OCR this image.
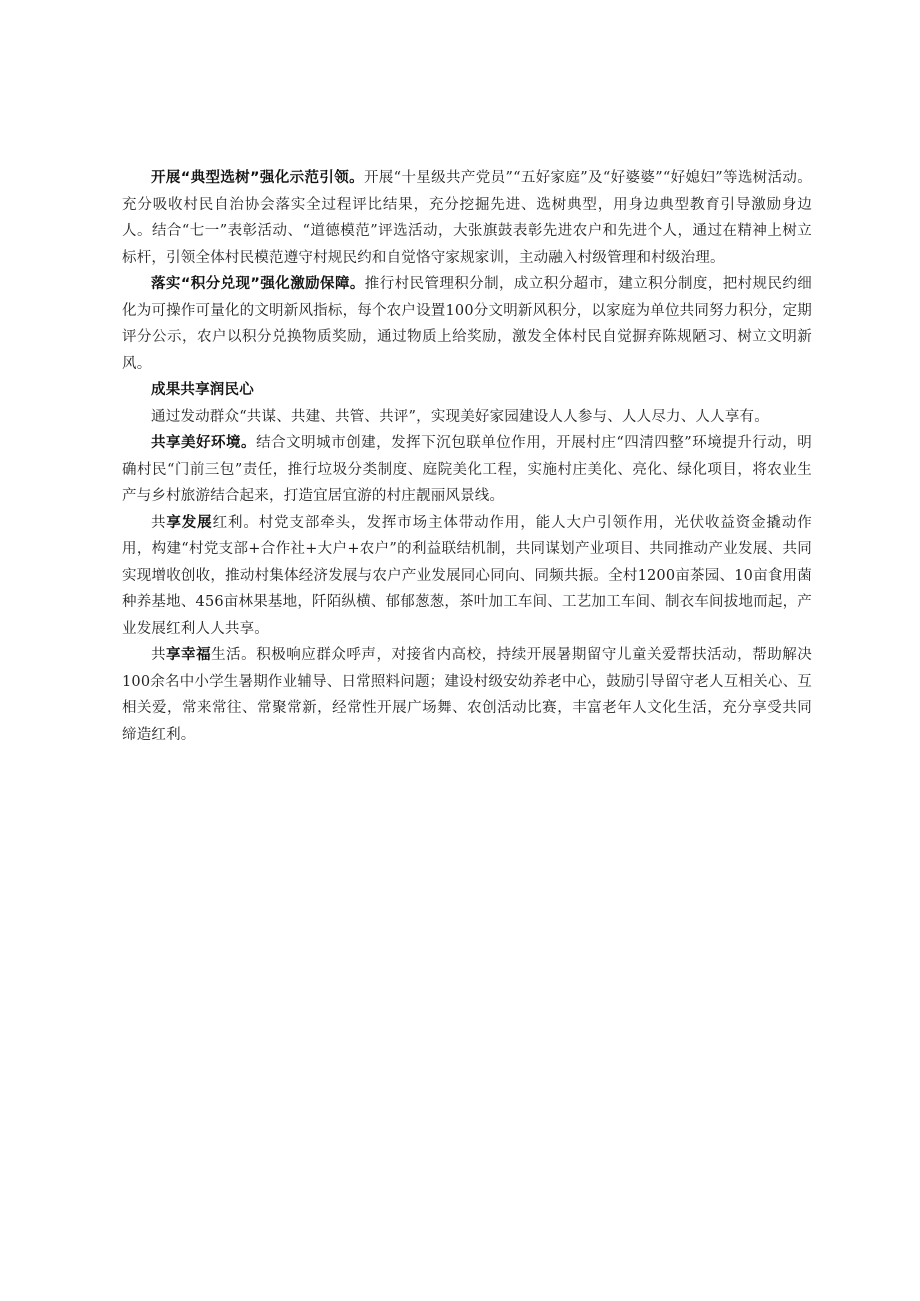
开展“典型选树”强化示范引领。开展“十星级共产党员”“五好家庭”及“好婆婆”“好媳妇”等选树活动。充分吸收村民自治协会落实全过程评比结果，充分挖掘先进、选树典型，用身边典型教育引导激励身边人。结合“七一”表彰活动、“道德模范”评选活动，大张旗鼓表彰先进农户和先进个人，通过在精神上树立标杆，引领全体村民模范遵守村规民约和自觉恪守家规家训，主动融入村级管理和村级治理。

落实“积分兑现”强化激励保障。推行村民管理积分制，成立积分超市，建立积分制度，把村规民约细化为可操作可量化的文明新风指标，每个农户设置100分文明新风积分，以家庭为单位共同努力积分，定期评分公示，农户以积分兑换物质奖励，通过物质上给奖励，激发全体村民自觉摒弃陈规陋习、树立文明新风。

成果共享润民心

通过发动群众“共谋、共建、共管、共评”，实现美好家园建设人人参与、人人尽力、人人享有。

共享美好环境。结合文明城市创建，发挥下沉包联单位作用，开展村庄“四清四整”环境提升行动，明确村民“门前三包”责任，推行垃圾分类制度、庭院美化工程，实施村庄美化、亮化、绿化项目，将农业生产与乡村旅游结合起来，打造宜居宜游的村庄靓丽风景线。

共享发展红利。村党支部牵头，发挥市场主体带动作用，能人大户引领作用，光伏收益资金撬动作用，构建“村党支部+合作社+大户+农户”的利益联结机制，共同谋划产业项目、共同推动产业发展、共同实现增收创收，推动村集体经济发展与农户产业发展同心同向、同频共振。全村1200亩茶园、10亩食用菌种养基地、456亩林果基地，阡陌纵横、郁郁葱葱，茶叶加工车间、工艺加工车间、制衣车间拔地而起，产业发展红利人人共享。

共享幸福生活。积极响应群众呼声，对接省内高校，持续开展暑期留守儿童关爱帮扶活动，帮助解决100余名中小学生暑期作业辅导、日常照料问题；建设村级安幼养老中心，鼓励引导留守老人互相关心、互相关爱，常来常往、常聚常新，经常性开展广场舞、农创活动比赛，丰富老年人文化生活，充分享受共同缔造红利。
